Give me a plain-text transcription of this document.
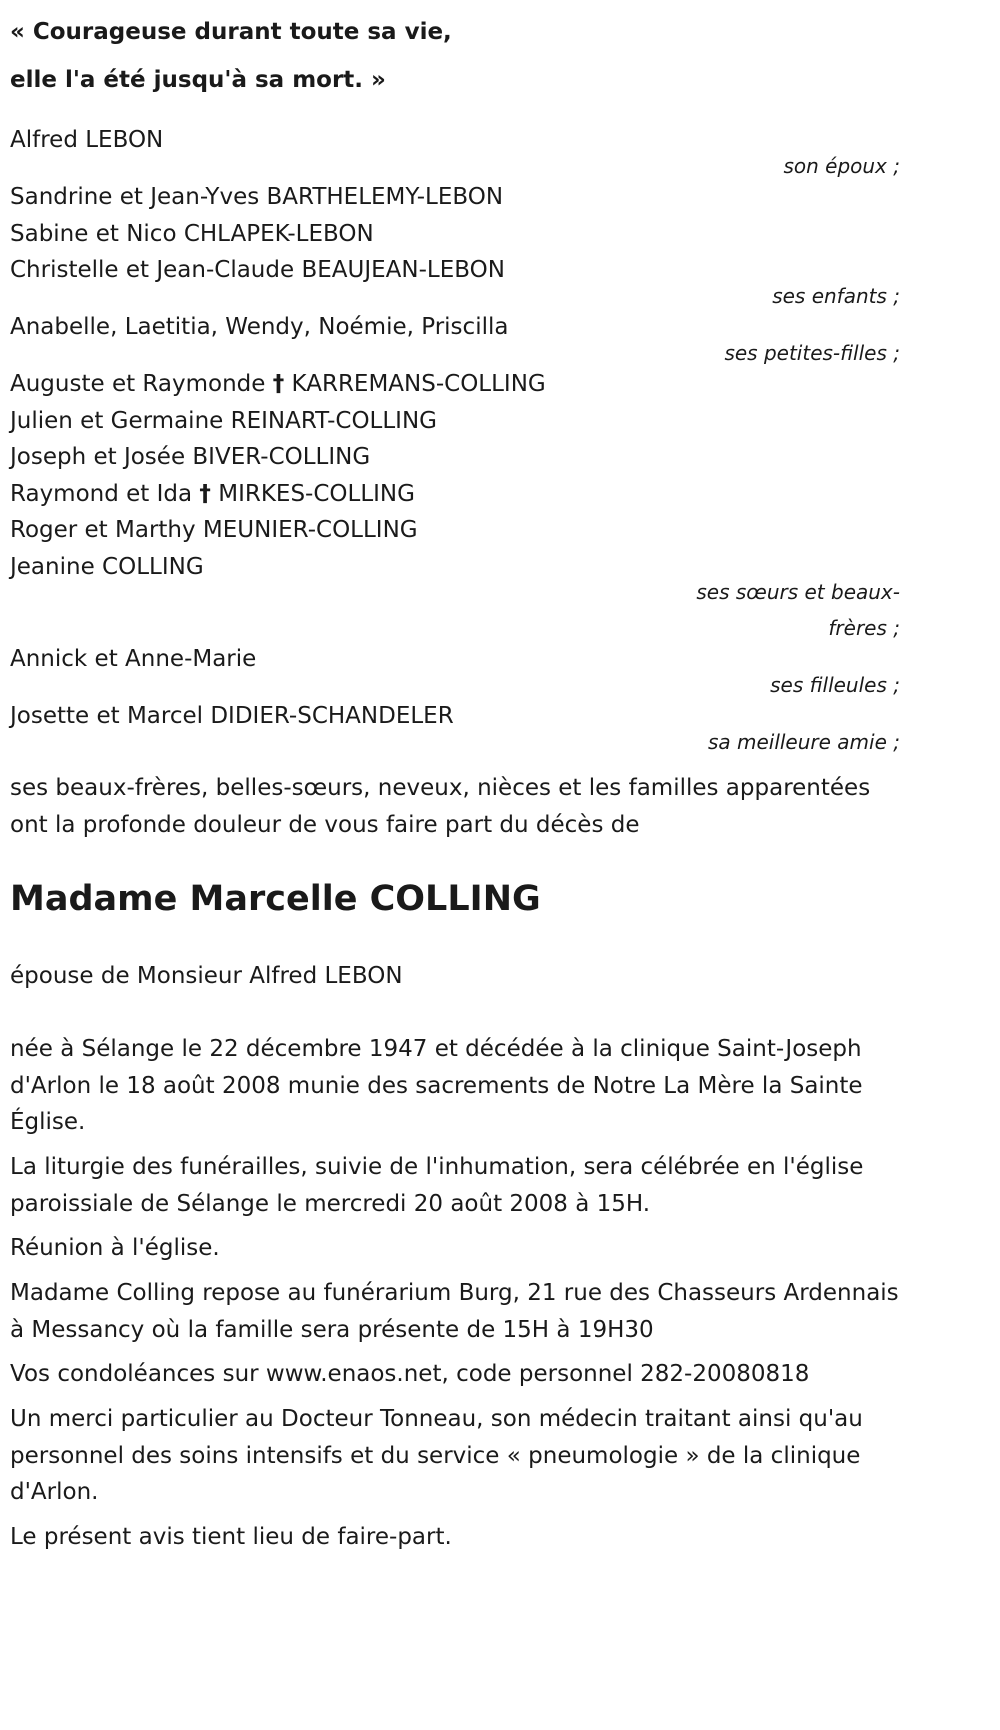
« Courageuse durant toute sa vie,
elle l'a été jusqu'à sa mort. »
Alfred LEBON
son époux ;
Sandrine et Jean-Yves BARTHELEMY-LEBON
Sabine et Nico CHLAPEK-LEBON
Christelle et Jean-Claude BEAUJEAN-LEBON
ses enfants ;
Anabelle, Laetitia, Wendy, Noémie, Priscilla
ses petites-filles ;
Auguste et Raymonde † KARREMANS-COLLING
Julien et Germaine REINART-COLLING
Joseph et Josée BIVER-COLLING
Raymond et Ida † MIRKES-COLLING
Roger et Marthy MEUNIER-COLLING
Jeanine COLLING
ses sœurs et beaux-frères ;
Annick et Anne-Marie
ses filleules ;
Josette et Marcel DIDIER-SCHANDELER
sa meilleure amie ;
ses beaux-frères, belles-sœurs, neveux, nièces et les familles apparentées ont la profonde douleur de vous faire part du décès de
Madame Marcelle COLLING
épouse de Monsieur Alfred LEBON
née à Sélange le 22 décembre 1947 et décédée à la clinique Saint-Joseph d'Arlon le 18 août 2008 munie des sacrements de Notre La Mère la Sainte Église.
La liturgie des funérailles, suivie de l'inhumation, sera célébrée en l'église paroissiale de Sélange le mercredi 20 août 2008 à 15H.
Réunion à l'église.
Madame Colling repose au funérarium Burg, 21 rue des Chasseurs Ardennais à Messancy où la famille sera présente de 15H à 19H30
Vos condoléances sur www.enaos.net, code personnel 282-20080818
Un merci particulier au Docteur Tonneau, son médecin traitant ainsi qu'au personnel des soins intensifs et du service « pneumologie » de la clinique d'Arlon.
Le présent avis tient lieu de faire-part.
